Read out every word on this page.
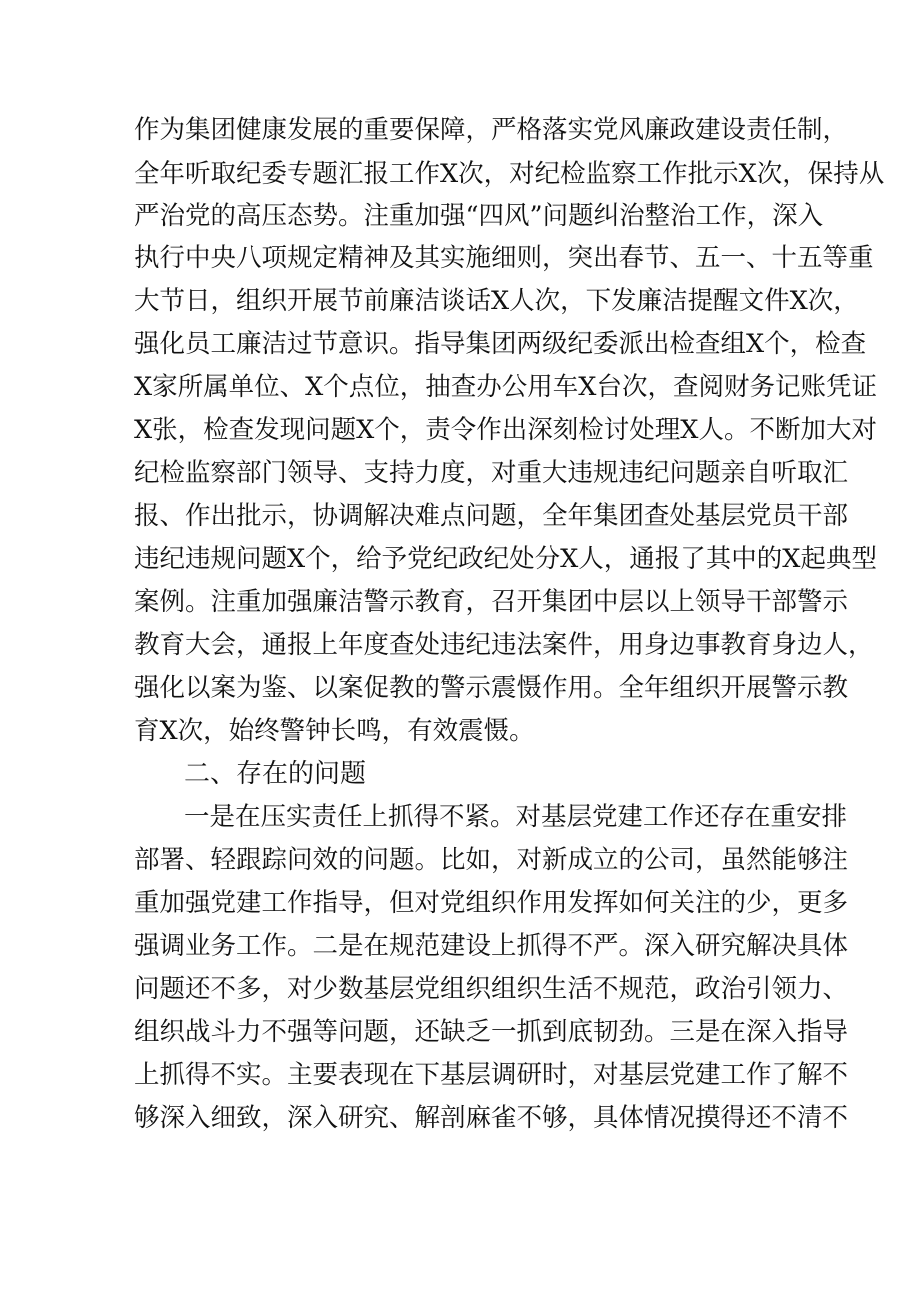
作为集团健康发展的重要保障，严格落实党风廉政建设责任制，
全年听取纪委专题汇报工作X次，对纪检监察工作批示X次，保持从
严治党的高压态势。注重加强“四风”问题纠治整治工作，深入
执行中央八项规定精神及其实施细则，突出春节、五一、十五等重
大节日，组织开展节前廉洁谈话X人次，下发廉洁提醒文件X次，
强化员工廉洁过节意识。指导集团两级纪委派出检查组X个，检查
X家所属单位、X个点位，抽查办公用车X台次，查阅财务记账凭证
X张，检查发现问题X个，责令作出深刻检讨处理X人。不断加大对
纪检监察部门领导、支持力度，对重大违规违纪问题亲自听取汇
报、作出批示，协调解决难点问题，全年集团查处基层党员干部
违纪违规问题X个，给予党纪政纪处分X人，通报了其中的X起典型
案例。注重加强廉洁警示教育，召开集团中层以上领导干部警示
教育大会，通报上年度查处违纪违法案件，用身边事教育身边人，
强化以案为鉴、以案促教的警示震慑作用。全年组织开展警示教
育X次，始终警钟长鸣，有效震慑。
二、存在的问题
一是在压实责任上抓得不紧。对基层党建工作还存在重安排
部署、轻跟踪问效的问题。比如，对新成立的公司，虽然能够注
重加强党建工作指导，但对党组织作用发挥如何关注的少，更多
强调业务工作。二是在规范建设上抓得不严。深入研究解决具体
问题还不多，对少数基层党组织组织生活不规范，政治引领力、
组织战斗力不强等问题，还缺乏一抓到底韧劲。三是在深入指导
上抓得不实。主要表现在下基层调研时，对基层党建工作了解不
够深入细致，深入研究、解剖麻雀不够，具体情况摸得还不清不
